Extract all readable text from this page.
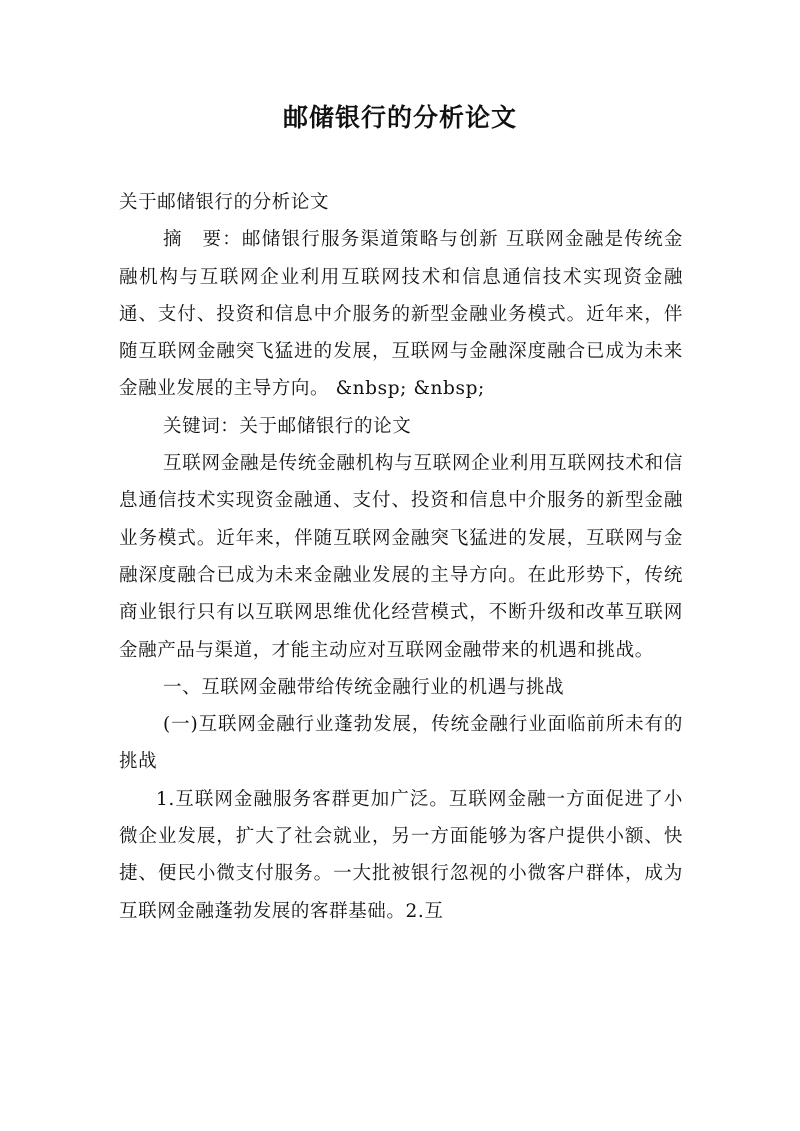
邮储银行的分析论文

关于邮储银行的分析论文

摘　要：邮储银行服务渠道策略与创新 互联网金融是传统金融机构与互联网企业利用互联网技术和信息通信技术实现资金融通、支付、投资和信息中介服务的新型金融业务模式。近年来，伴随互联网金融突飞猛进的发展，互联网与金融深度融合已成为未来金融业发展的主导方向。 &nbsp; &nbsp;

关键词：关于邮储银行的论文

互联网金融是传统金融机构与互联网企业利用互联网技术和信息通信技术实现资金融通、支付、投资和信息中介服务的新型金融业务模式。近年来，伴随互联网金融突飞猛进的发展，互联网与金融深度融合已成为未来金融业发展的主导方向。在此形势下，传统商业银行只有以互联网思维优化经营模式，不断升级和改革互联网金融产品与渠道，才能主动应对互联网金融带来的机遇和挑战。

一、互联网金融带给传统金融行业的机遇与挑战

(一)互联网金融行业蓬勃发展，传统金融行业面临前所未有的挑战

1.互联网金融服务客群更加广泛。互联网金融一方面促进了小微企业发展，扩大了社会就业，另一方面能够为客户提供小额、快捷、便民小微支付服务。一大批被银行忽视的小微客户群体，成为互联网金融蓬勃发展的客群基础。2.互
